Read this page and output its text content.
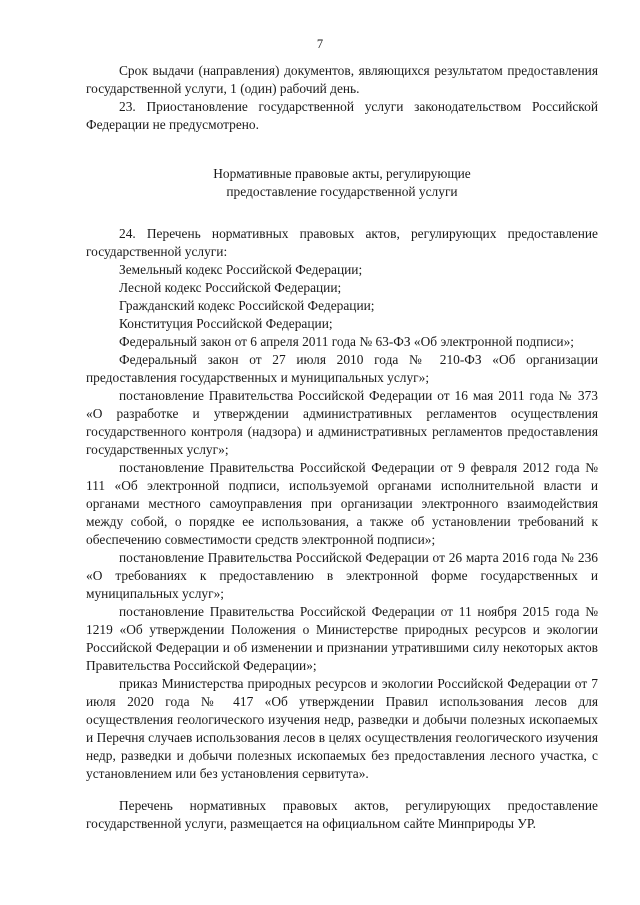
7

Срок выдачи (направления) документов, являющихся результатом предоставления государственной услуги, 1 (один) рабочий день.

23. Приостановление государственной услуги законодательством Российской Федерации не предусмотрено.

Нормативные правовые акты, регулирующие
предоставление государственной услуги

24. Перечень нормативных правовых актов, регулирующих предоставление государственной услуги:

Земельный кодекс Российской Федерации;

Лесной кодекс Российской Федерации;

Гражданский кодекс Российской Федерации;

Конституция Российской Федерации;

Федеральный закон от 6 апреля 2011 года № 63-ФЗ «Об электронной подписи»;

Федеральный закон от 27 июля 2010 года № 210-ФЗ «Об организации предоставления государственных и муниципальных услуг»;

постановление Правительства Российской Федерации от 16 мая 2011 года № 373 «О разработке и утверждении административных регламентов осуществления государственного контроля (надзора) и административных регламентов предоставления государственных услуг»;

постановление Правительства Российской Федерации от 9 февраля 2012 года № 111 «Об электронной подписи, используемой органами исполнительной власти и органами местного самоуправления при организации электронного взаимодействия между собой, о порядке ее использования, а также об установлении требований к обеспечению совместимости средств электронной подписи»;

постановление Правительства Российской Федерации от 26 марта 2016 года № 236 «О требованиях к предоставлению в электронной форме государственных и муниципальных услуг»;

постановление Правительства Российской Федерации от 11 ноября 2015 года № 1219 «Об утверждении Положения о Министерстве природных ресурсов и экологии Российской Федерации и об изменении и признании утратившими силу некоторых актов Правительства Российской Федерации»;

приказ Министерства природных ресурсов и экологии Российской Федерации от 7 июля 2020 года № 417 «Об утверждении Правил использования лесов для осуществления геологического изучения недр, разведки и добычи полезных ископаемых и Перечня случаев использования лесов в целях осуществления геологического изучения недр, разведки и добычи полезных ископаемых без предоставления лесного участка, с установлением или без установления сервитута».

Перечень нормативных правовых актов, регулирующих предоставление государственной услуги, размещается на официальном сайте Минприроды УР.
